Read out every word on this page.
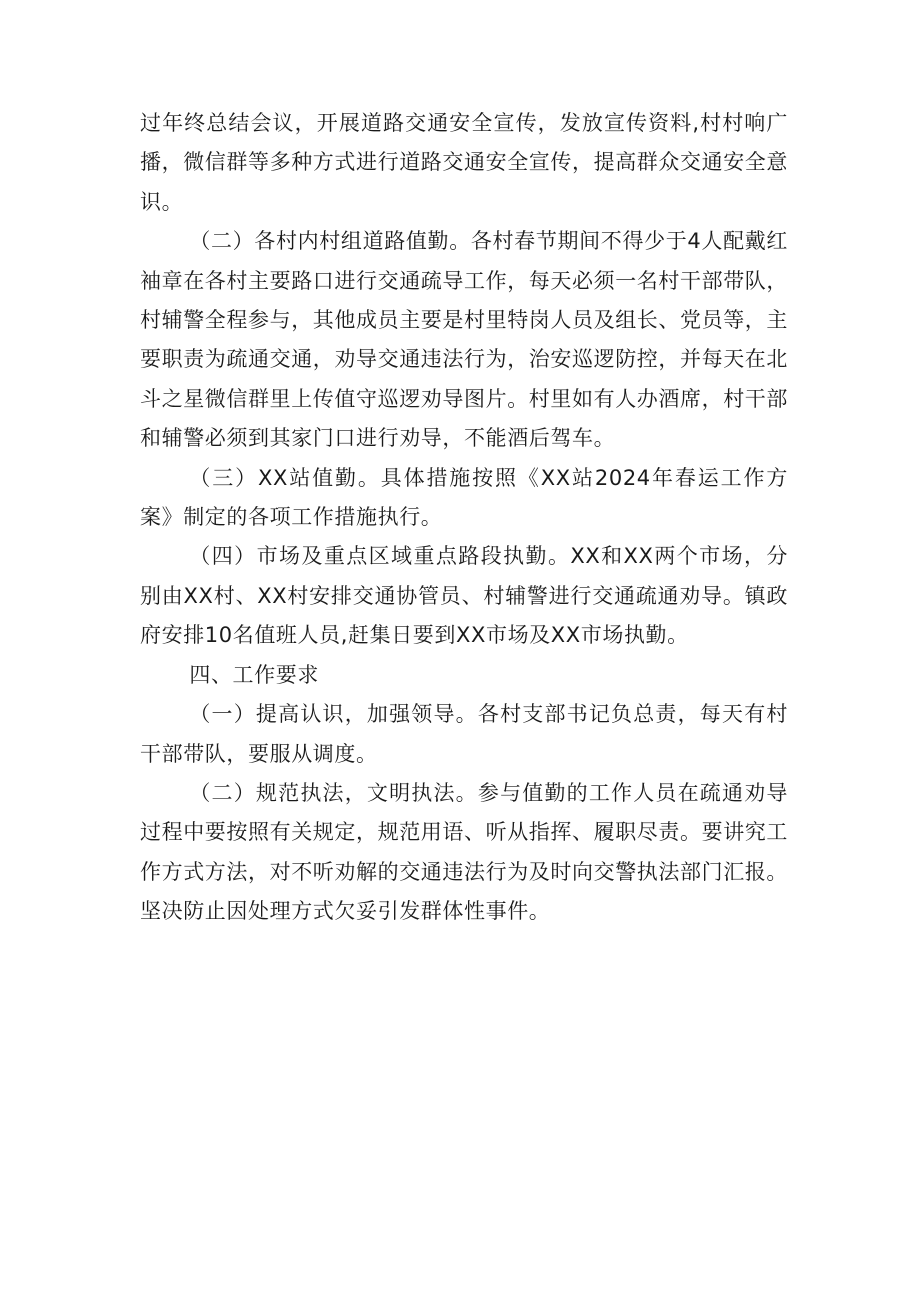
过年终总结会议，开展道路交通安全宣传，发放宣传资料,村村响广播，微信群等多种方式进行道路交通安全宣传，提高群众交通安全意识。

（二）各村内村组道路值勤。各村春节期间不得少于4人配戴红袖章在各村主要路口进行交通疏导工作，每天必须一名村干部带队，村辅警全程参与，其他成员主要是村里特岗人员及组长、党员等，主要职责为疏通交通，劝导交通违法行为，治安巡逻防控，并每天在北斗之星微信群里上传值守巡逻劝导图片。村里如有人办酒席，村干部和辅警必须到其家门口进行劝导，不能酒后驾车。

（三）XX站值勤。具体措施按照《XX站2024年春运工作方案》制定的各项工作措施执行。

（四）市场及重点区域重点路段执勤。XX和XX两个市场，分别由XX村、XX村安排交通协管员、村辅警进行交通疏通劝导。镇政府安排10名值班人员,赶集日要到XX市场及XX市场执勤。

四、工作要求

（一）提高认识，加强领导。各村支部书记负总责，每天有村干部带队，要服从调度。

（二）规范执法，文明执法。参与值勤的工作人员在疏通劝导过程中要按照有关规定，规范用语、听从指挥、履职尽责。要讲究工作方式方法，对不听劝解的交通违法行为及时向交警执法部门汇报。坚决防止因处理方式欠妥引发群体性事件。
